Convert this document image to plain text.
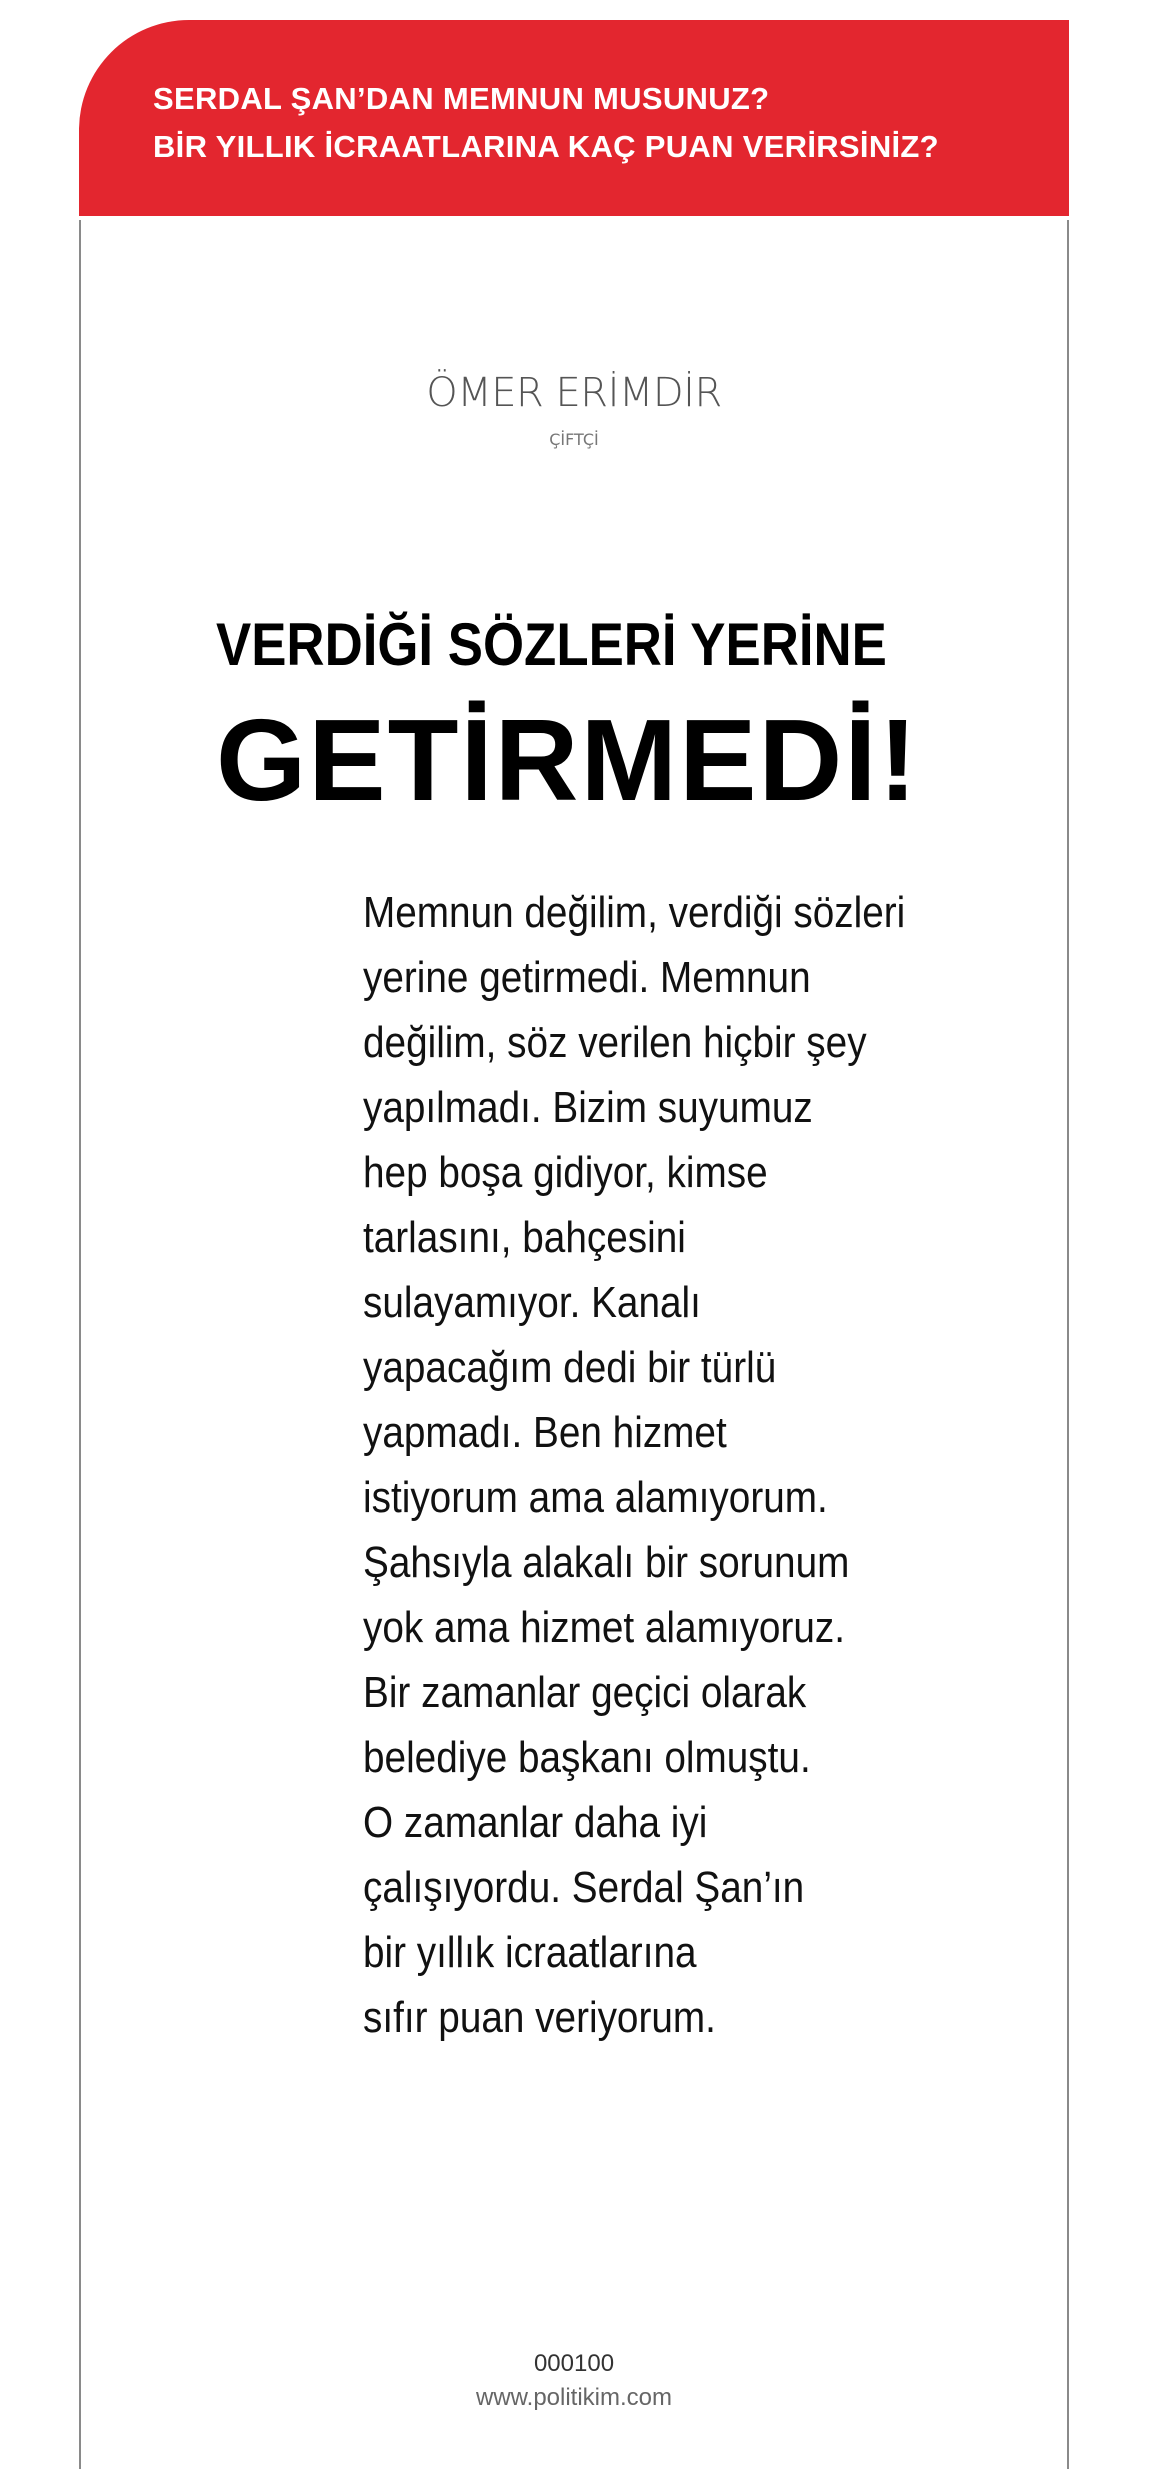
SERDAL ŞAN’DAN MEMNUN MUSUNUZ?
BİR YILLIK İCRAATLARINA KAÇ PUAN VERİRSİNİZ?
ÖMER ERİMDİR
ÇİFTÇİ
VERDİĞİ SÖZLERİ YERİNE
GETİRMEDİ!
Memnun değilim, verdiği sözleri
yerine getirmedi. Memnun
değilim, söz verilen hiçbir şey
yapılmadı. Bizim suyumuz
hep boşa gidiyor, kimse
tarlasını, bahçesini
sulayamıyor. Kanalı
yapacağım dedi bir türlü
yapmadı. Ben hizmet
istiyorum ama alamıyorum.
Şahsıyla alakalı bir sorunum
yok ama hizmet alamıyoruz.
Bir zamanlar geçici olarak
belediye başkanı olmuştu.
O zamanlar daha iyi
çalışıyordu. Serdal Şan’ın
bir yıllık icraatlarına
sıfır puan veriyorum.
000100
www.politikim.com
